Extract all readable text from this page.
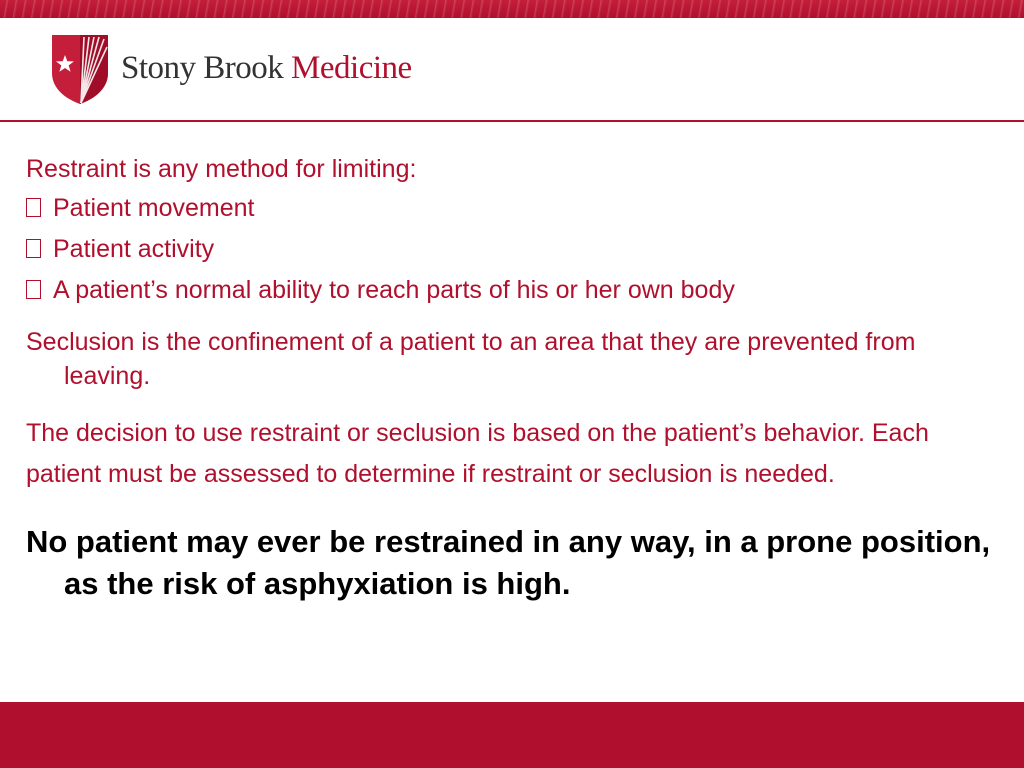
Stony Brook Medicine

Restraint is any method for limiting:

Patient movement

Patient activity

A patient’s normal ability to reach parts of his or her own body

Seclusion is the confinement of a patient to an area that they are prevented from leaving.

The decision to use restraint or seclusion is based on the patient’s behavior. Each patient must be assessed to determine if restraint or seclusion is needed.

No patient may ever be restrained in any way, in a prone position, as the risk of asphyxiation is high.
